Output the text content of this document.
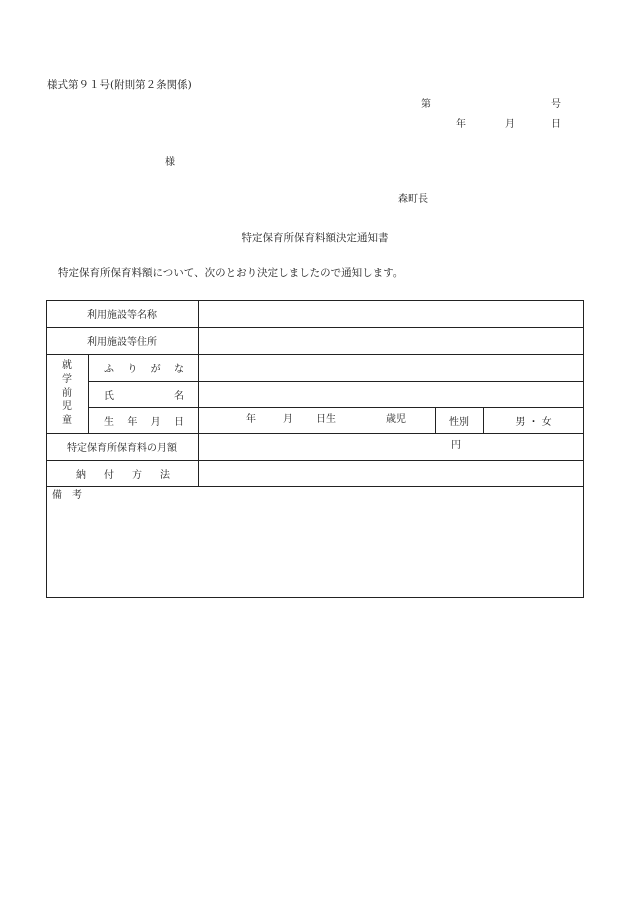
様式第９１号(附則第２条関係)
第	号
年	月	日
様
森町長
特定保育所保育料額決定通知書
特定保育所保育料額について、次のとおり決定しましたので通知します。
利用施設等名称
利用施設等住所
就
学
前
児
童
ふ り が な
氏	名
生 年 月 日	年	月 日生	歳児	性別	男 ・ 女
特定保育所保育料の月額	円
納 付 方 法
備　考
